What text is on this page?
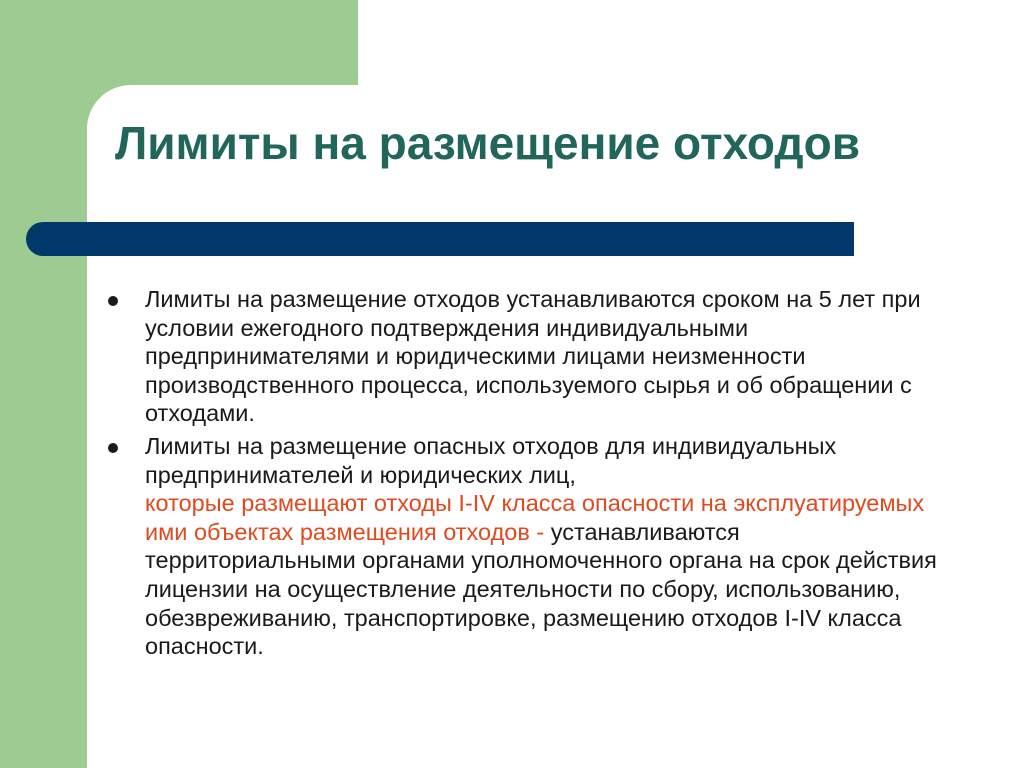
Лимиты на размещение отходов
Лимиты на размещение отходов устанавливаются сроком на 5 лет при условии ежегодного подтверждения индивидуальными предпринимателями и юридическими лицами неизменности производственного процесса, используемого сырья и об обращении с отходами.
Лимиты на размещение опасных отходов для индивидуальных предпринимателей и юридических лиц,
которые размещают отходы I-IV класса опасности на эксплуатируемых ими объектах размещения отходов - устанавливаются территориальными органами уполномоченного органа на срок действия лицензии на осуществление деятельности по сбору, использованию, обезвреживанию, транспортировке, размещению отходов I-IV класса опасности.
